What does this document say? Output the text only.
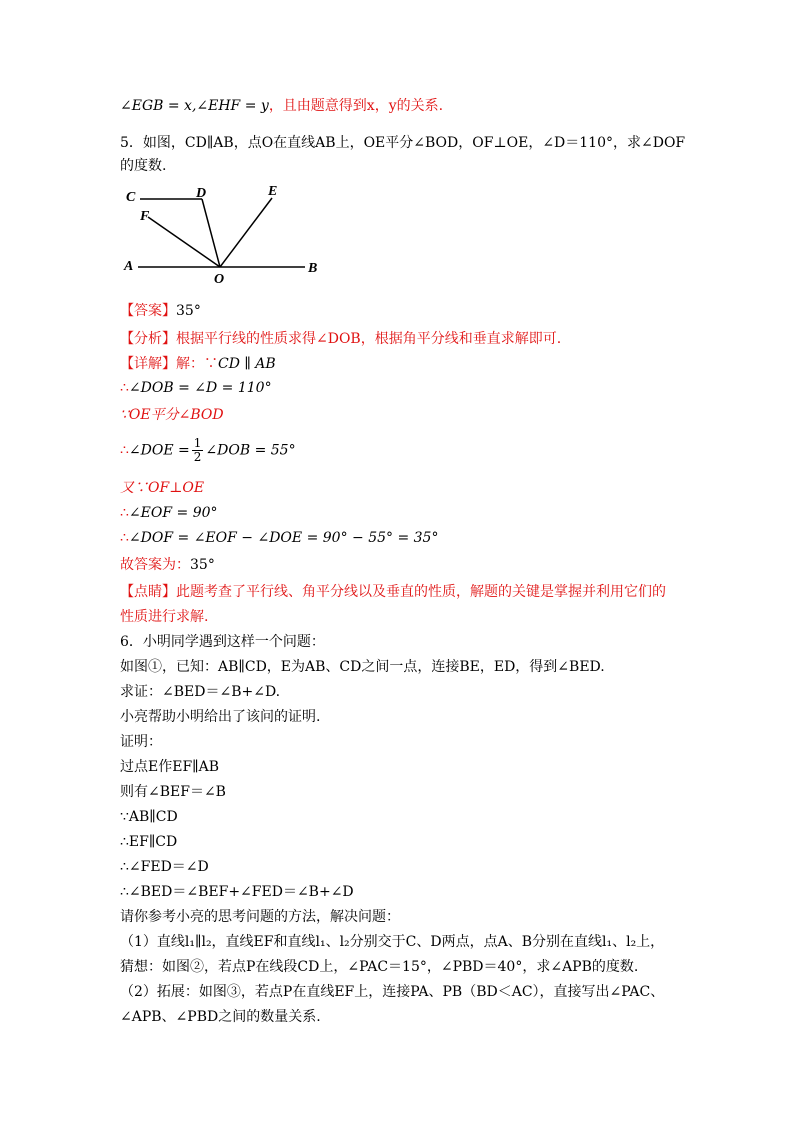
∠EGB = x,∠EHF = y，且由题意得到x，y的关系.
5．如图，CD∥AB，点O在直线AB上，OE平分∠BOD，OF⊥OE，∠D＝110°，求∠DOF
的度数.
C	D	E
F
A
O
B
【答案】35°
【分析】根据平行线的性质求得∠DOB，根据角平分线和垂直求解即可.
【详解】解：∵CD ∥ AB
∴∠DOB = ∠D = 110°
∵OE平分∠BOD
∴∠DOE = $\frac{1}{2}$ ∠DOB = 55°
又∵OF⊥OE
∴∠EOF = 90°
∴∠DOF = ∠EOF − ∠DOE = 90° − 55° = 35°
故答案为：35°
【点睛】此题考查了平行线、角平分线以及垂直的性质，解题的关键是掌握并利用它们的
性质进行求解.
6．小明同学遇到这样一个问题：
如图①，已知：AB∥CD，E为AB、CD之间一点，连接BE，ED，得到∠BED.
求证：∠BED＝∠B+∠D.
小亮帮助小明给出了该问的证明.
证明：
过点E作EF∥AB
则有∠BEF＝∠B
∵AB∥CD
∴EF∥CD
∴∠FED＝∠D
∴∠BED＝∠BEF+∠FED＝∠B+∠D
请你参考小亮的思考问题的方法，解决问题：
（1）直线l₁∥l₂，直线EF和直线l₁、l₂分别交于C、D两点，点A、B分别在直线l₁、l₂上，
猜想：如图②，若点P在线段CD上，∠PAC＝15°，∠PBD＝40°，求∠APB的度数.
（2）拓展：如图③，若点P在直线EF上，连接PA、PB（BD＜AC），直接写出∠PAC、
∠APB、∠PBD之间的数量关系.
